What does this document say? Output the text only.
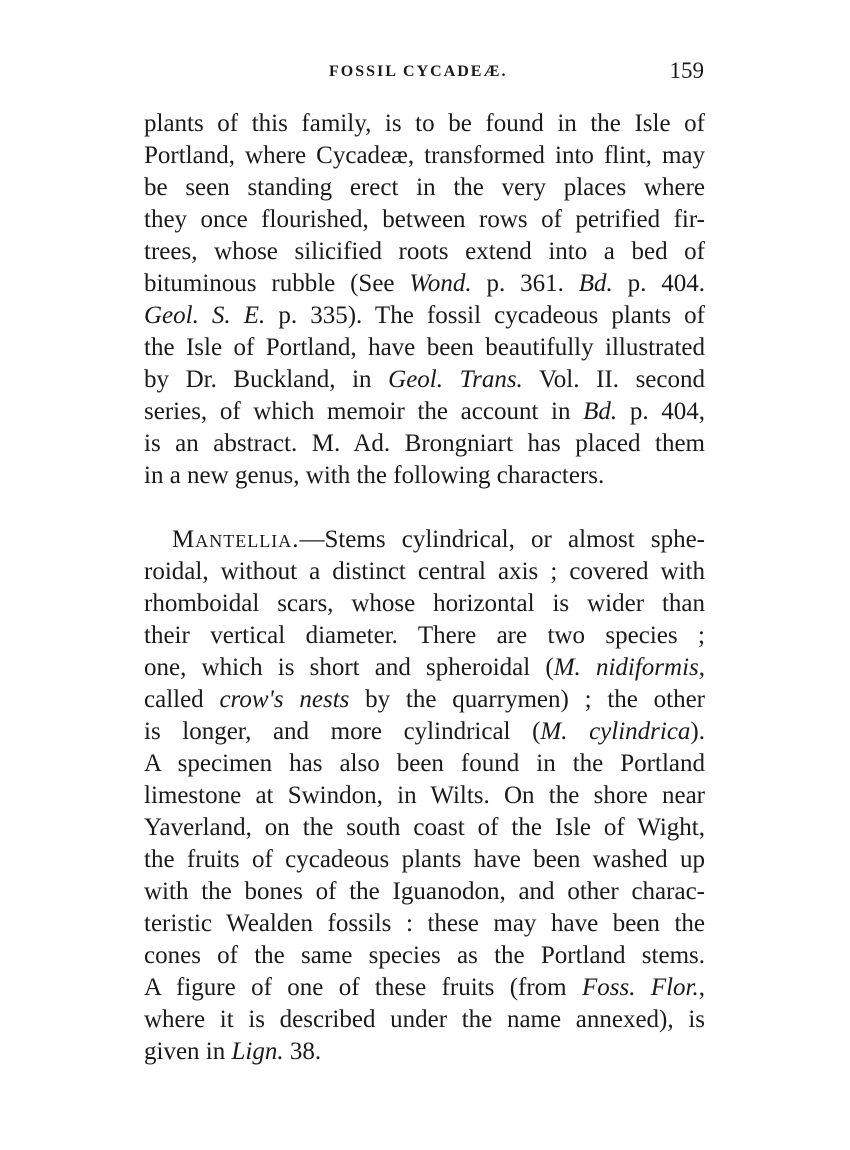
FOSSIL CYCADEÆ.	159
plants of this family, is to be found in the Isle of
Portland, where Cycadeæ, transformed into flint, may
be seen standing erect in the very places where
they once flourished, between rows of petrified fir-
trees, whose silicified roots extend into a bed of
bituminous rubble (See Wond. p. 361. Bd. p. 404.
Geol. S. E. p. 335). The fossil cycadeous plants of
the Isle of Portland, have been beautifully illustrated
by Dr. Buckland, in Geol. Trans. Vol. II. second
series, of which memoir the account in Bd. p. 404,
is an abstract. M. Ad. Brongniart has placed them
in a new genus, with the following characters.
Mantellia.—Stems cylindrical, or almost sphe-
roidal, without a distinct central axis ; covered with
rhomboidal scars, whose horizontal is wider than
their vertical diameter. There are two species ;
one, which is short and spheroidal (M. nidiformis,
called crow's nests by the quarrymen) ; the other
is longer, and more cylindrical (M. cylindrica).
A specimen has also been found in the Portland
limestone at Swindon, in Wilts. On the shore near
Yaverland, on the south coast of the Isle of Wight,
the fruits of cycadeous plants have been washed up
with the bones of the Iguanodon, and other charac-
teristic Wealden fossils : these may have been the
cones of the same species as the Portland stems.
A figure of one of these fruits (from Foss. Flor.,
where it is described under the name annexed), is
given in Lign. 38.
